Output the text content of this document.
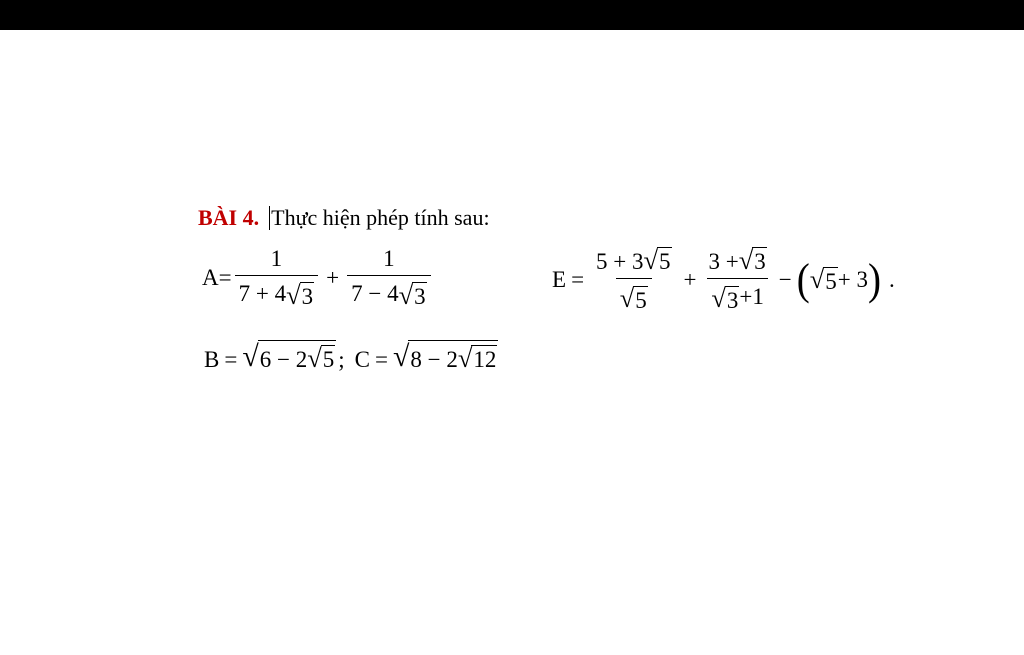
BÀI 4. Thực hiện phép tính sau:
$A = \frac{1}{7 + 4 √ 3} + \frac{1}{7 - 4 √ 3}$	$E = \frac{5 + 3 √ 5}{√ 5} + \frac{3 + √ 3}{√ 3 +1}$ − ( √ 5 + 3 ) .
B = √ 6 − 2 √ 5 ; C = √ 8 − 2 √ 12
